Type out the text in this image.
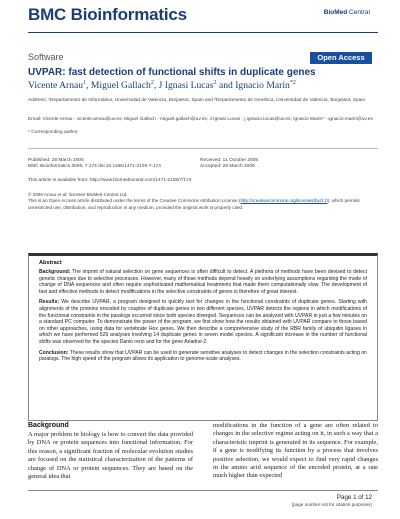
BMC Bioinformatics	BioMed Central
Software	Open Access
UVPAR: fast detection of functional shifts in duplicate genes
Vicente Arnau$^1$, Miguel Gallach$^2$, J Ignasi Lucas$^2$ and Ignacio Marín$^{*2}$
Address: ¹Departamento de Informática, Universidad de Valencia, Burjassot, Spain and ²Departamento de Genética, Universidad de Valencia, Burjassot, Spain
Email: Vicente Arnau - vicente.arnau@uv.es; Miguel Gallach - miguel.gallach@uv.es; J Ignasi Lucas - j.ignacio.lucas@uv.es; Ignacio Marín* - ignacio.marin@uv.es
* Corresponding author
Published: 28 March 2006
BMC Bioinformatics 2006, 7:174 doi:10.1186/1471-2105-7-174
Received: 11 October 2005
Accepted: 28 March 2006
This article is available from: http://www.biomedcentral.com/1471-2105/7/174
© 2006 Arnau et al; licensee BioMed Central Ltd.
This is an Open Access article distributed under the terms of the Creative Commons Attribution License (http://creativecommons.org/licenses/by/2.0), which permits unrestricted use, distribution, and reproduction in any medium, provided the original work is properly cited.
Abstract

Background: The imprint of natural selection on gene sequences is often difficult to detect. A plethora of methods have been devised to detect genetic changes due to selective processes. However, many of those methods depend heavily on underlying assumptions regarding the mode of change of DNA sequences and often require sophisticated mathematical treatments that made them computationally slow. The development of fast and effective methods to detect modifications in the selective constraints of genes is therefore of great interest.

Results: We describe UVPAR, a program designed to quickly test for changes in the functional constraints of duplicate genes. Starting with alignments of the proteins encoded by couples of duplicate genes in two different species, UVPAR detects the regions in which modifications of the functional constraints in the paralogs occurred since both species diverged. Sequences can be analyzed with UVPAR in just a few minutes on a standard PC computer. To demonstrate the power of the program, we first show how the results obtained with UVPAR compare to those based on other approaches, using data for vertebrate Hox genes. We then describe a comprehensive study of the RBR family of ubiquitin ligases in which we have performed 529 analyses involving 14 duplicate genes in seven model species. A significant increase in the number of functional shifts was observed for the species Danio rerio and for the gene Ariadne-2.

Conclusion: These results show that UVPAR can be used to generate sensitive analyses to detect changes in the selection constraints acting on paralogs. The high speed of the program allows its application to genome-scale analyses.

Background
A major problem in biology is how to convert the data provided by DNA or protein sequences into functional information. For this reason, a significant fraction of molecular evolution studies are focused on the statistical characterization of the patterns of change of DNA or protein sequences. They are based on the general idea that
modifications in the function of a gene are often related to changes in the selective regime acting on it, in such a way that a characteristic imprint is generated in its sequence. For example, if a gene is modifying its function by a process that involves positive selection, we would expect to find very rapid changes in the amino acid sequence of the encoded protein, at a rate much higher than expected
Page 1 of 12
(page number not for citation purposes)
